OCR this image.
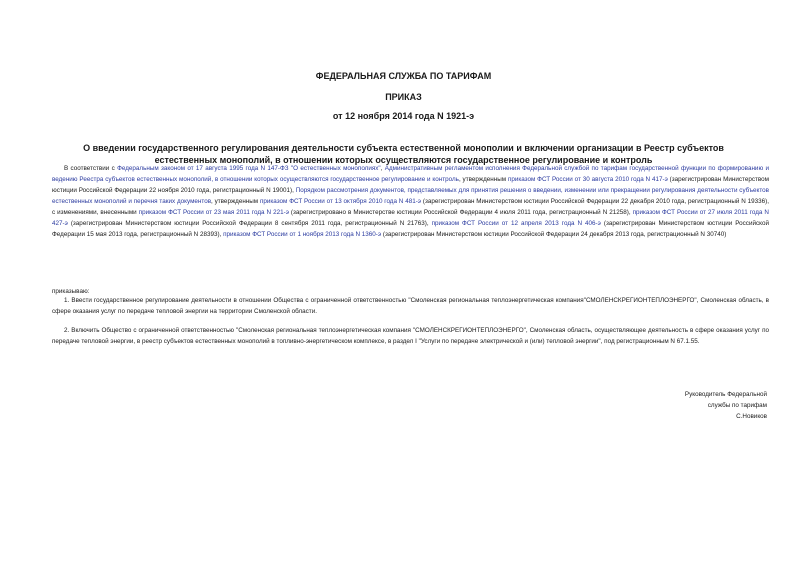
ФЕДЕРАЛЬНАЯ СЛУЖБА ПО ТАРИФАМ
ПРИКАЗ
от 12 ноября 2014 года N 1921-э
О введении государственного регулирования деятельности субъекта естественной монополии и включении организации в Реестр субъектов естественных монополий, в отношении которых осуществляются государственное регулирование и контроль
В соответствии с Федеральным законом от 17 августа 1995 года N 147-ФЗ "О естественных монополиях", Административным регламентом исполнения Федеральной службой по тарифам государственной функции по формированию и ведению Реестра субъектов естественных монополий, в отношении которых осуществляются государственное регулирование и контроль, утвержденным приказом ФСТ России от 30 августа 2010 года N 417-э (зарегистрирован Министерством юстиции Российской Федерации 22 ноября 2010 года, регистрационный N 19001), Порядком рассмотрения документов, представляемых для принятия решения о введении, изменении или прекращении регулирования деятельности субъектов естественных монополий и перечня таких документов, утвержденным приказом ФСТ России от 13 октября 2010 года N 481-э (зарегистрирован Министерством юстиции Российской Федерации 22 декабря 2010 года, регистрационный N 19336), с изменениями, внесенными приказом ФСТ России от 23 мая 2011 года N 221-э (зарегистрировано в Министерстве юстиции Российской Федерации 4 июля 2011 года, регистрационный N 21258), приказом ФСТ России от 27 июля 2011 года N 427-э (зарегистрирован Министерством юстиции Российской Федерации 8 сентября 2011 года, регистрационный N 21763), приказом ФСТ России от 12 апреля 2013 года N 406-э (зарегистрирован Министерством юстиции Российской Федерации 15 мая 2013 года, регистрационный N 28393), приказом ФСТ России от 1 ноября 2013 года N 1360-э (зарегистрирован Министерством юстиции Российской Федерации 24 декабря 2013 года, регистрационный N 30740)
приказываю:
1. Ввести государственное регулирование деятельности в отношении Общества с ограниченной ответственностью "Смоленская региональная теплоэнергетическая компания"СМОЛЕНСКРЕГИОНТЕПЛОЭНЕРГО", Смоленская область, в сфере оказания услуг по передаче тепловой энергии на территории Смоленской области.
2. Включить Общество с ограниченной ответственностью "Смоленская региональная теплоэнергетическая компания "СМОЛЕНСКРЕГИОНТЕПЛОЭНЕРГО", Смоленская область, осуществляющее деятельность в сфере оказания услуг по передаче тепловой энергии, в реестр субъектов естественных монополий в топливно-энергетическом комплексе, в раздел I "Услуги по передаче электрической и (или) тепловой энергии", под регистрационным N 67.1.55.
Руководитель Федеральной
службы по тарифам
С.Новиков
